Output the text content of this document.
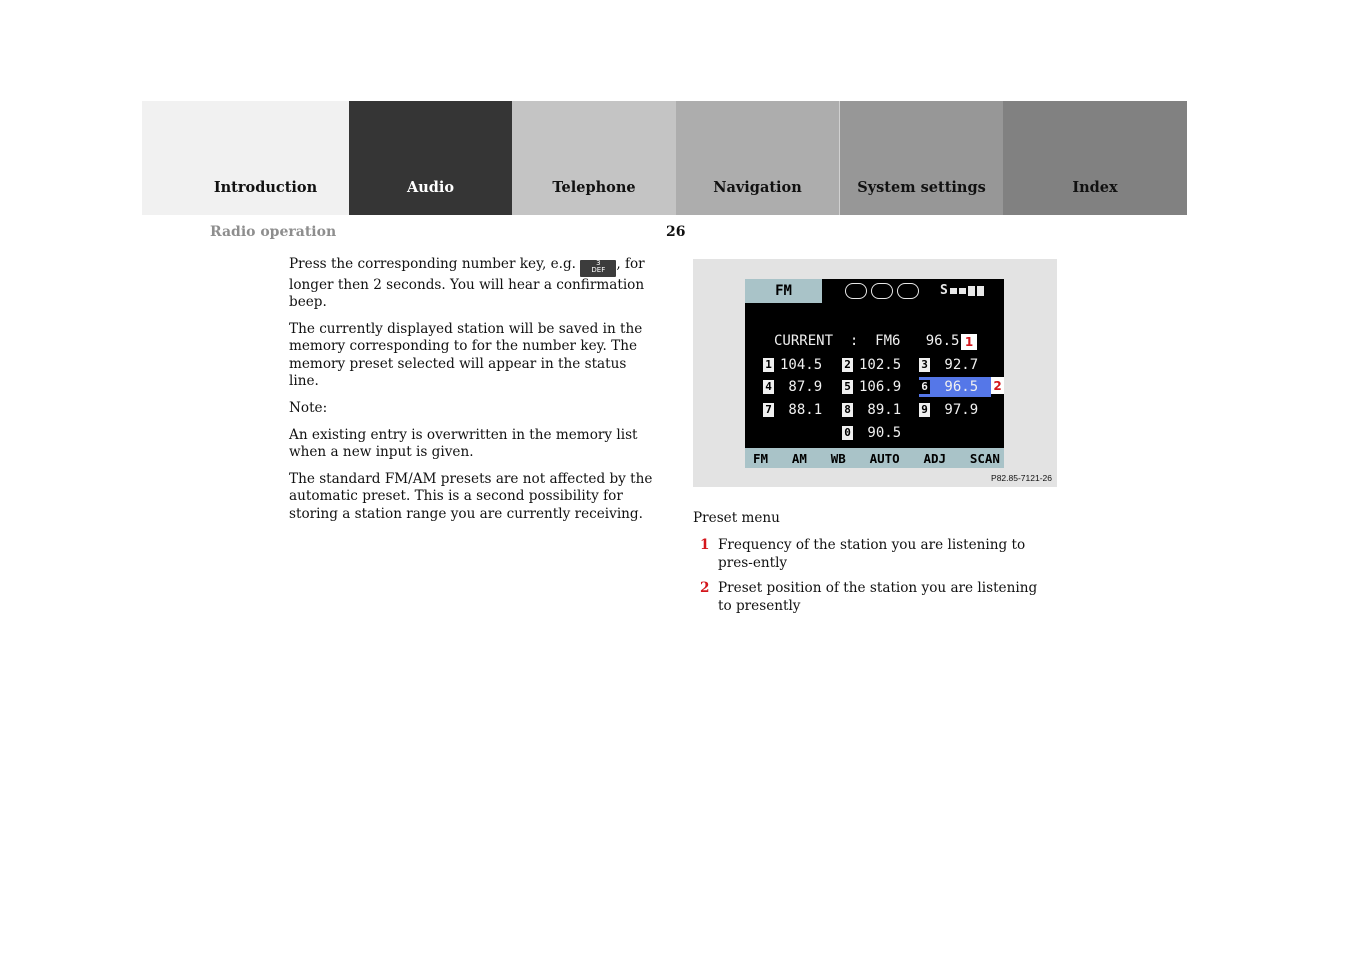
Introduction	Audio	Telephone	Navigation	System settings	Index
Radio operation	26

Press the corresponding number key, e.g.	3
DEF , for longer then 2 seconds. You will hear a confirmation beep.

The currently displayed station will be saved in the memory corresponding to for the number key. The memory preset selected will appear in the status line.

Note:

An existing entry is overwritten in the memory list when a new input is given.

The standard FM/AM presets are not affected by the automatic preset. This is a second possibility for storing a station range you are currently receiving.

FM	S
CURRENT  :  FM6   96.5 1
1 104.5 2 102.5 3 92.7
4 87.9 5 106.9 6 96.5 2
7 88.1 8 89.1 9 97.9
0 90.5
FM AM WB AUTO ADJ SCAN
P82.85-7121-26
Preset menu
1 Frequency of the station you are listening to pres-ently
2 Preset position of the station you are listening to presently
